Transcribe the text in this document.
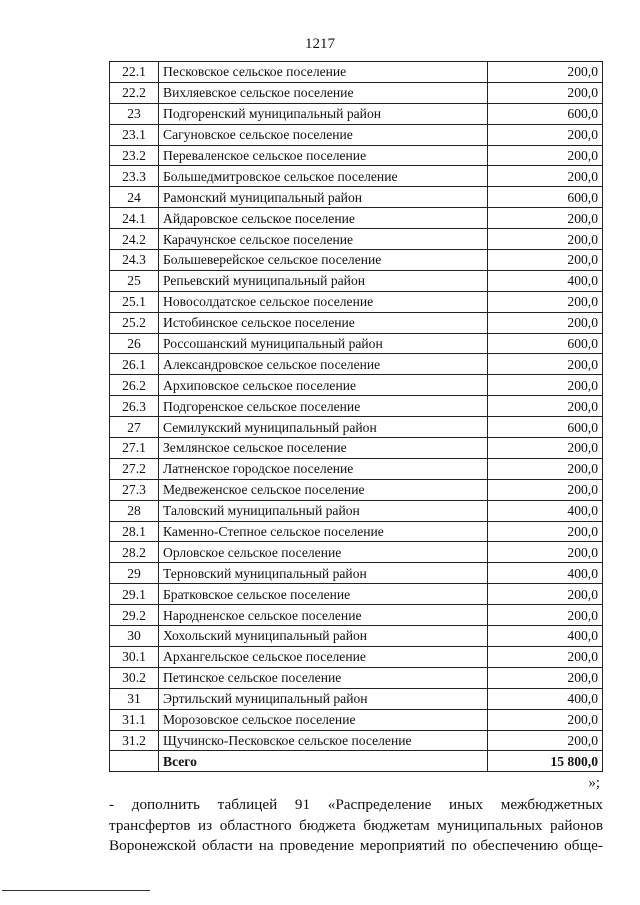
1217
22.1	Песковское сельское поселение	200,0
22.2	Вихляевское сельское поселение	200,0
23	Подгоренский муниципальный район	600,0
23.1	Сагуновское сельское поселение	200,0
23.2	Переваленское сельское поселение	200,0
23.3	Большедмитровское сельское поселение	200,0
24	Рамонский муниципальный район	600,0
24.1	Айдаровское сельское поселение	200,0
24.2	Карачунское сельское поселение	200,0
24.3	Большеверейское сельское поселение	200,0
25	Репьевский муниципальный район	400,0
25.1	Новосолдатское сельское поселение	200,0
25.2	Истобинское сельское поселение	200,0
26	Россошанский муниципальный район	600,0
26.1	Александровское сельское поселение	200,0
26.2	Архиповское сельское поселение	200,0
26.3	Подгоренское сельское поселение	200,0
27	Семилукский муниципальный район	600,0
27.1	Землянское сельское поселение	200,0
27.2	Латненское городское поселение	200,0
27.3	Медвеженское сельское поселение	200,0
28	Таловский муниципальный район	400,0
28.1	Каменно-Степное сельское поселение	200,0
28.2	Орловское сельское поселение	200,0
29	Терновский муниципальный район	400,0
29.1	Братковское сельское поселение	200,0
29.2	Народненское сельское поселение	200,0
30	Хохольский муниципальный район	400,0
30.1	Архангельское сельское поселение	200,0
30.2	Петинское сельское поселение	200,0
31	Эртильский муниципальный район	400,0
31.1	Морозовское сельское поселение	200,0
31.2	Щучинско-Песковское сельское поселение	200,0
	Всего	15 800,0
»;
- дополнить таблицей 91 «Распределение иных межбюджетных
трансфертов из областного бюджета бюджетам муниципальных районов
Воронежской области на проведение мероприятий по обеспечению обще-
